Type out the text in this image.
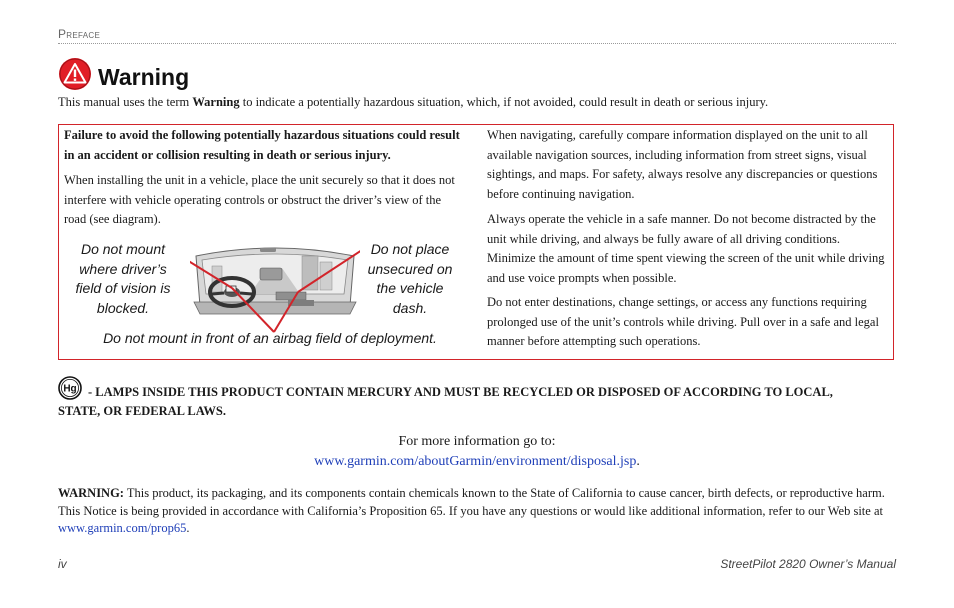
Preface
Warning
This manual uses the term Warning to indicate a potentially hazardous situation, which, if not avoided, could result in death or serious injury.
Failure to avoid the following potentially hazardous situations could result in an accident or collision resulting in death or serious injury.
When installing the unit in a vehicle, place the unit securely so that it does not interfere with vehicle operating controls or obstruct the driver’s view of the road (see diagram).
Do not mount where driver’s field of vision is blocked.
Do not place unsecured on the vehicle dash.
Do not mount in front of an airbag field of deployment.
When navigating, carefully compare information displayed on the unit to all available navigation sources, including information from street signs, visual sightings, and maps. For safety, always resolve any discrepancies or questions before continuing navigation.
Always operate the vehicle in a safe manner. Do not become distracted by the unit while driving, and always be fully aware of all driving conditions. Minimize the amount of time spent viewing the screen of the unit while driving and use voice prompts when possible.
Do not enter destinations, change settings, or access any functions requiring prolonged use of the unit’s controls while driving. Pull over in a safe and legal manner before attempting such operations.
Hg - LAMPS INSIDE THIS PRODUCT CONTAIN MERCURY AND MUST BE RECYCLED OR DISPOSED OF ACCORDING TO LOCAL, STATE, OR FEDERAL LAWS.
For more information go to:
www.garmin.com/aboutGarmin/environment/disposal.jsp.
WARNING: This product, its packaging, and its components contain chemicals known to the State of California to cause cancer, birth defects, or reproductive harm. This Notice is being provided in accordance with California’s Proposition 65. If you have any questions or would like additional information, refer to our Web site at www.garmin.com/prop65.
iv	StreetPilot 2820 Owner’s Manual
